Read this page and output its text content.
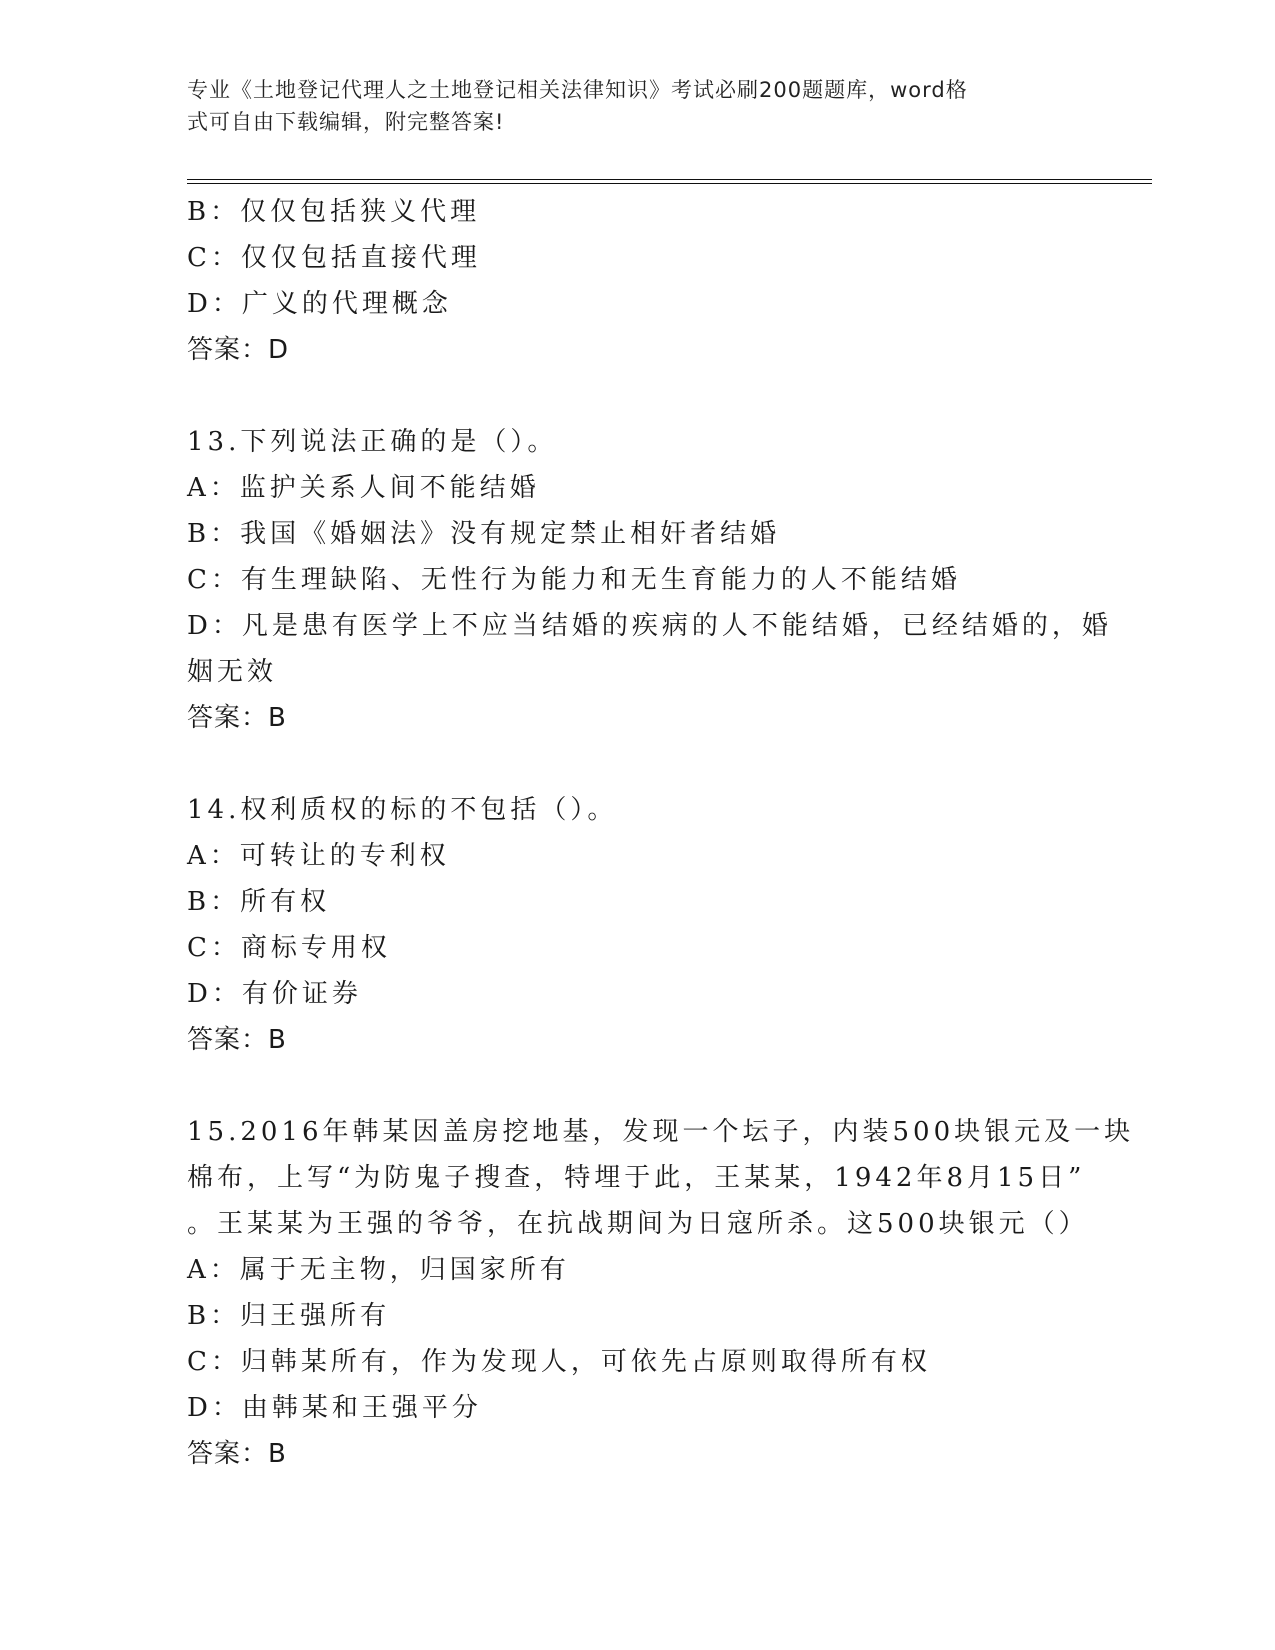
专业《土地登记代理人之土地登记相关法律知识》考试必刷200题题库，word格
式可自由下载编辑，附完整答案!
B：仅仅包括狭义代理
C：仅仅包括直接代理
D：广义的代理概念
答案：D
13.下列说法正确的是（）。
A：监护关系人间不能结婚
B：我国《婚姻法》没有规定禁止相奸者结婚
C：有生理缺陷、无性行为能力和无生育能力的人不能结婚
D：凡是患有医学上不应当结婚的疾病的人不能结婚，已经结婚的，婚
姻无效
答案：B
14.权利质权的标的不包括（）。
A：可转让的专利权
B：所有权
C：商标专用权
D：有价证券
答案：B
15.2016年韩某因盖房挖地基，发现一个坛子，内装500块银元及一块
棉布，上写“为防鬼子搜查，特埋于此，王某某，1942年8月15日”
。王某某为王强的爷爷，在抗战期间为日寇所杀。这500块银元（）
A：属于无主物，归国家所有
B：归王强所有
C：归韩某所有，作为发现人，可依先占原则取得所有权
D：由韩某和王强平分
答案：B
